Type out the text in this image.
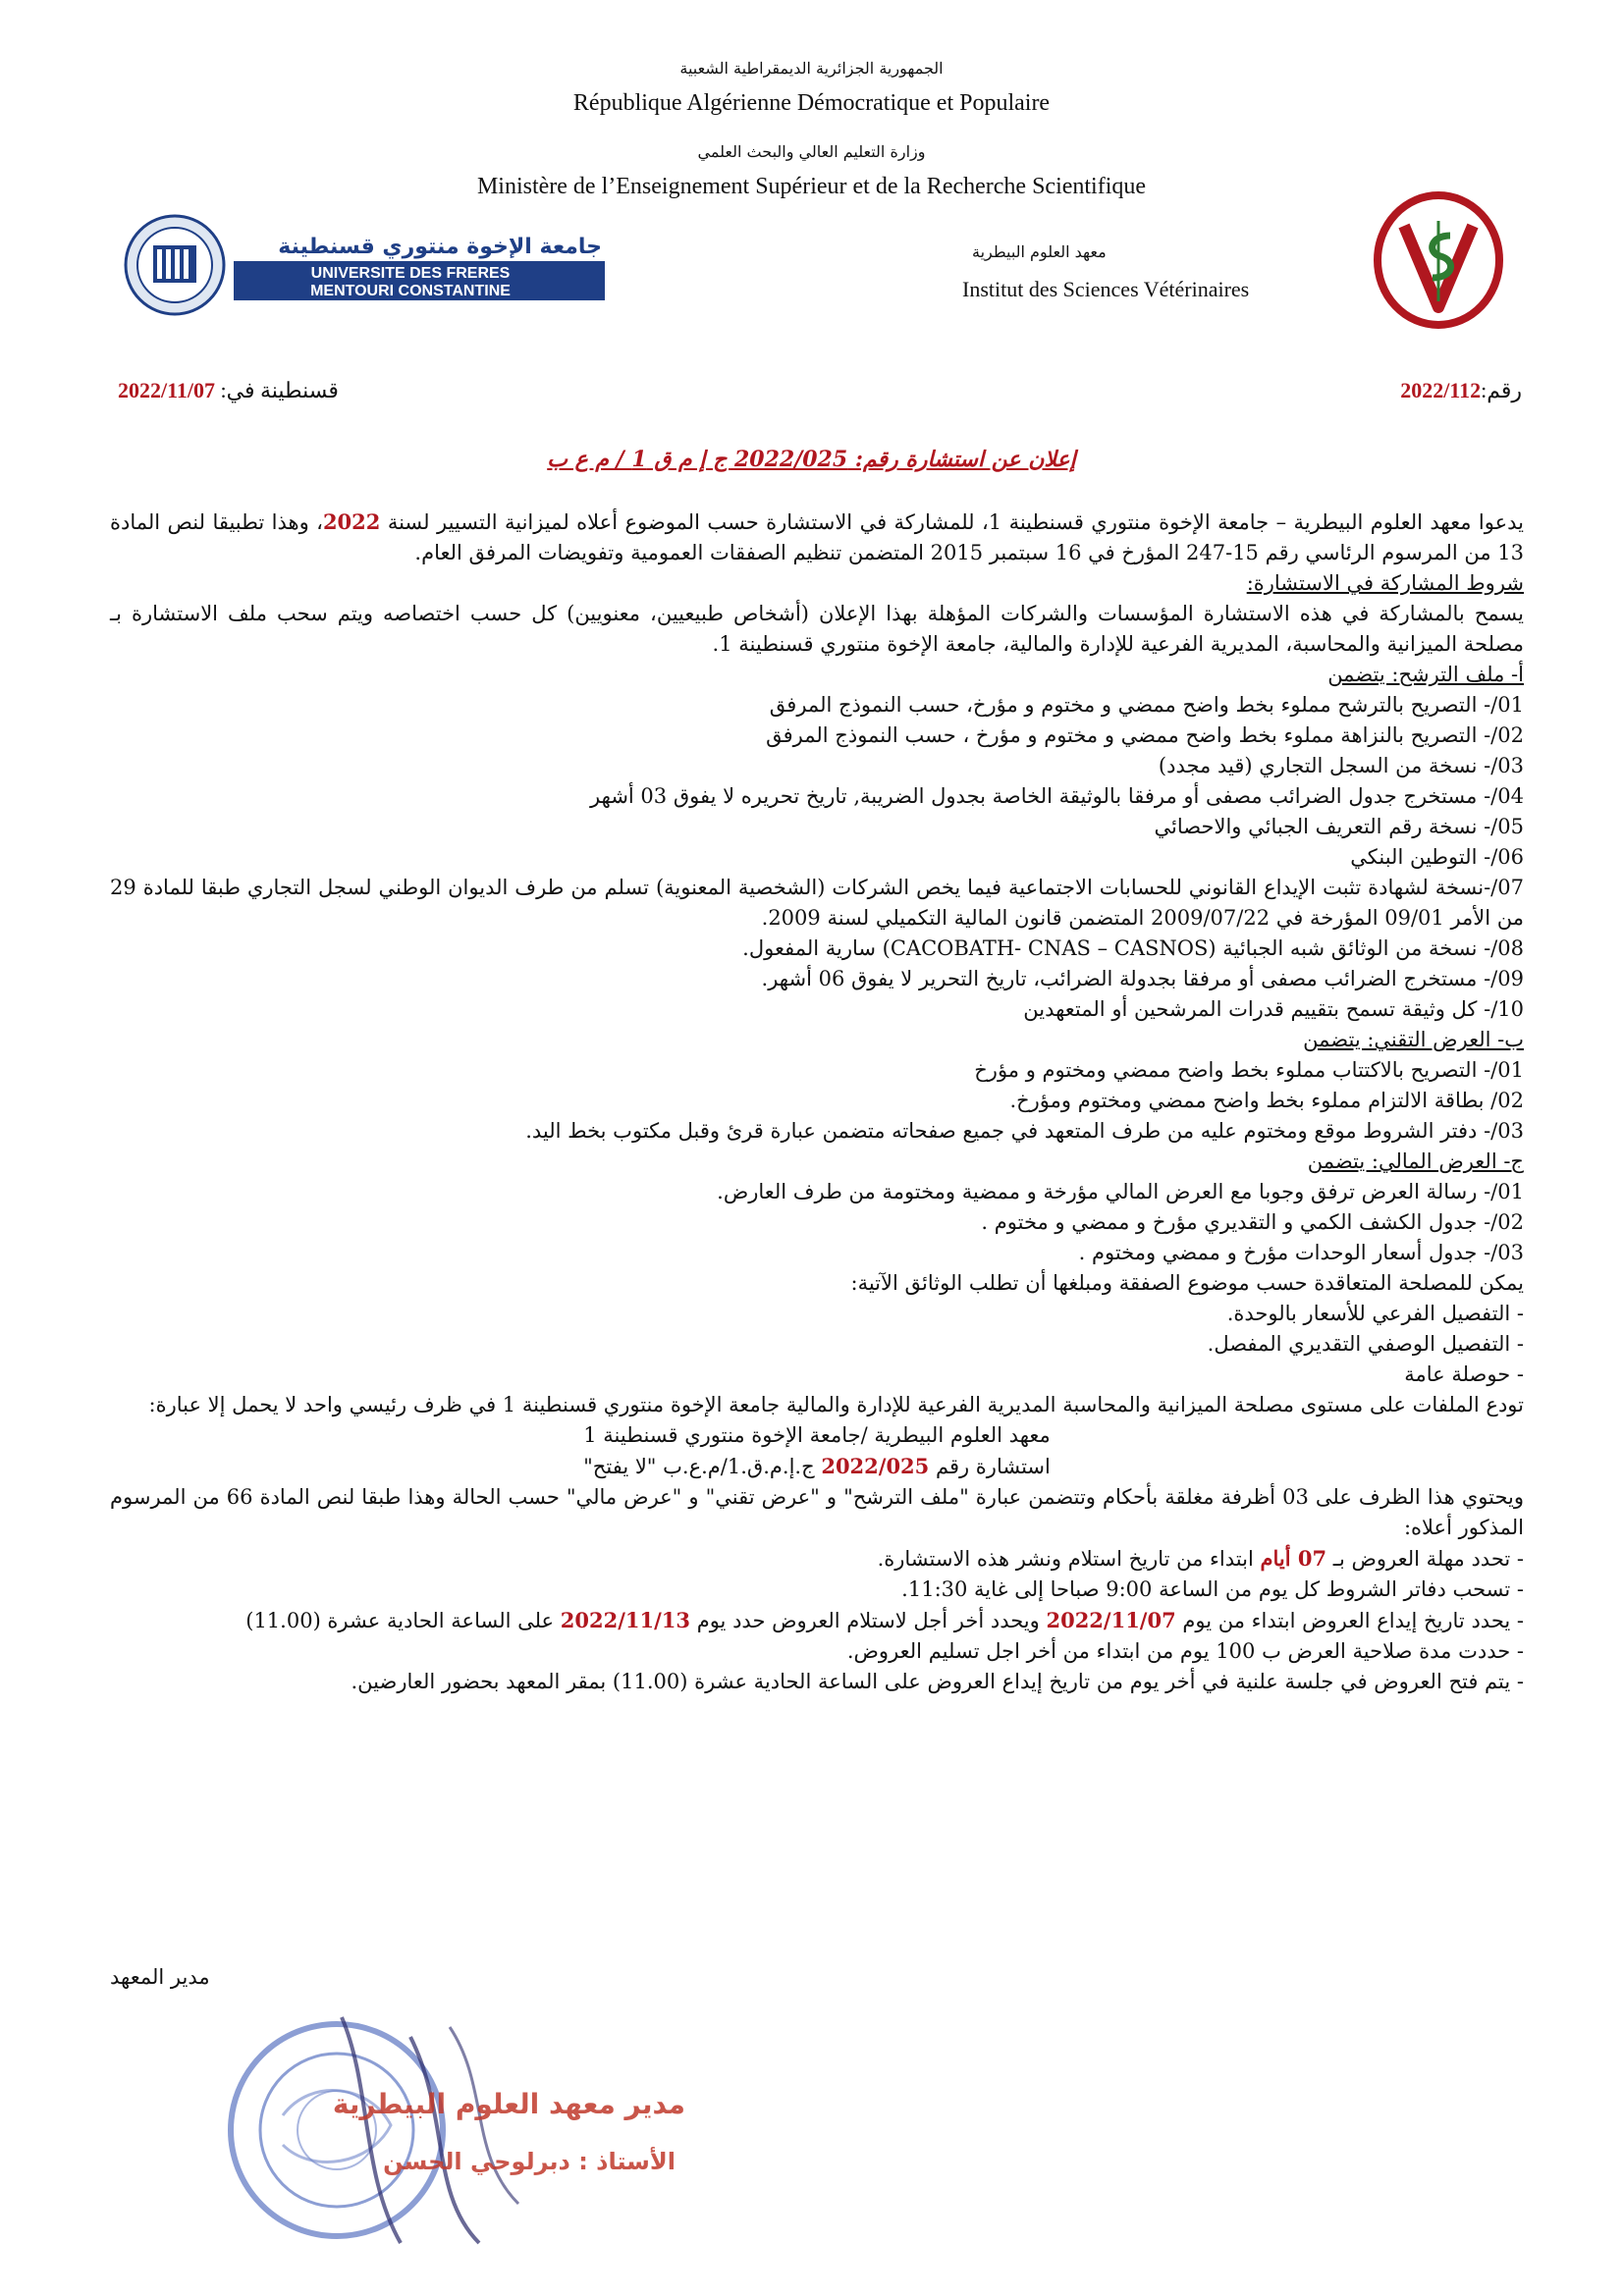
الجمهورية الجزائرية الديمقراطية الشعبية
République Algérienne Démocratique et Populaire
وزارة التعليم العالي والبحث العلمي
Ministère de l’Enseignement Supérieur et de la Recherche Scientifique
جامعة الإخوة منتوري قسنطينة
UNIVERSITE DES FRERES
MENTOURI CONSTANTINE
معهد العلوم البيطرية
Institut des Sciences Vétérinaires
رقم:2022/112
قسنطينة في: 2022/11/07
إعلان عن استشارة رقم: 2022/025 ج إ م ق 1 / م ع ب
يدعوا معهد العلوم البيطرية – جامعة الإخوة منتوري قسنطينة 1، للمشاركة في الاستشارة حسب الموضوع أعلاه لميزانية التسيير لسنة 2022، وهذا تطبيقا لنص المادة 13 من المرسوم الرئاسي رقم 15-247 المؤرخ في 16 سبتمبر 2015 المتضمن تنظيم الصفقات العمومية وتفويضات المرفق العام.
شروط المشاركة في الاستشارة:
يسمح بالمشاركة في هذه الاستشارة المؤسسات والشركات المؤهلة بهذا الإعلان (أشخاص طبيعيين، معنويين) كل حسب اختصاصه ويتم سحب ملف الاستشارة بـ مصلحة الميزانية والمحاسبة، المديرية الفرعية للإدارة والمالية، جامعة الإخوة منتوري قسنطينة 1.
أ- ملف الترشح: يتضمن
01/- التصريح بالترشح مملوء بخط واضح ممضي و مختوم و مؤرخ، حسب النموذج المرفق
02/- التصريح بالنزاهة مملوء بخط واضح ممضي و مختوم و مؤرخ ، حسب النموذج المرفق
03/- نسخة من السجل التجاري (قيد مجدد)
04/- مستخرج جدول الضرائب مصفى أو مرفقا بالوثيقة الخاصة بجدول الضريبة, تاريخ تحريره لا يفوق 03 أشهر
05/- نسخة رقم التعريف الجبائي والاحصائي
06/- التوطين البنكي
07/-نسخة لشهادة تثبت الإيداع القانوني للحسابات الاجتماعية فيما يخص الشركات (الشخصية المعنوية) تسلم من طرف الديوان الوطني لسجل التجاري طبقا للمادة 29 من الأمر 09/01 المؤرخة في 2009/07/22 المتضمن قانون المالية التكميلي لسنة 2009.
08/- نسخة من الوثائق شبه الجبائية (CACOBATH- CNAS – CASNOS) سارية المفعول.
09/- مستخرج الضرائب مصفى أو مرفقا بجدولة الضرائب، تاريخ التحرير لا يفوق 06 أشهر.
10/- كل وثيقة تسمح بتقييم قدرات المرشحين أو المتعهدين
ب- العرض التقني: يتضمن
01/- التصريح بالاكتتاب مملوء بخط واضح ممضي ومختوم و مؤرخ
02/ بطاقة الالتزام مملوء بخط واضح ممضي ومختوم ومؤرخ.
03/- دفتر الشروط موقع ومختوم عليه من طرف المتعهد في جميع صفحاته متضمن عبارة قرئ وقبل مكتوب بخط اليد.
ج- العرض المالي: يتضمن
01/- رسالة العرض ترفق وجوبا مع العرض المالي مؤرخة و ممضية ومختومة من طرف العارض.
02/- جدول الكشف الكمي و التقديري مؤرخ و ممضي و مختوم .
03/- جدول أسعار الوحدات مؤرخ و ممضي ومختوم .
يمكن للمصلحة المتعاقدة حسب موضوع الصفقة ومبلغها أن تطلب الوثائق الآتية:
- التفصيل الفرعي للأسعار بالوحدة.
- التفصيل الوصفي التقديري المفصل.
- حوصلة عامة
تودع الملفات على مستوى مصلحة الميزانية والمحاسبة المديرية الفرعية للإدارة والمالية جامعة الإخوة منتوري قسنطينة 1 في ظرف رئيسي واحد لا يحمل إلا عبارة:
معهد العلوم البيطرية /جامعة الإخوة منتوري قسنطينة 1
استشارة رقم 2022/025 ج.إ.م.ق.1/م.ع.ب "لا يفتح"
ويحتوي هذا الظرف على 03 أظرفة مغلقة بأحكام وتتضمن عبارة "ملف الترشح" و "عرض تقني" و "عرض مالي" حسب الحالة وهذا طبقا لنص المادة 66 من المرسوم المذكور أعلاه:
- تحدد مهلة العروض بـ 07 أيام ابتداء من تاريخ استلام ونشر هذه الاستشارة.
- تسحب دفاتر الشروط كل يوم من الساعة 9:00 صباحا إلى غاية 11:30.
- يحدد تاريخ إيداع العروض ابتداء من يوم 2022/11/07 ويحدد أخر أجل لاستلام العروض حدد يوم 2022/11/13 على الساعة الحادية عشرة (11.00)
- حددت مدة صلاحية العرض ب 100 يوم من ابتداء من أخر اجل تسليم العروض.
- يتم فتح العروض في جلسة علنية في أخر يوم من تاريخ إيداع العروض على الساعة الحادية عشرة (11.00) بمقر المعهد بحضور العارضين.
مدير المعهد
مدير معهد العلوم البيطرية
الأستاذ : دبرلوحي الحسن
